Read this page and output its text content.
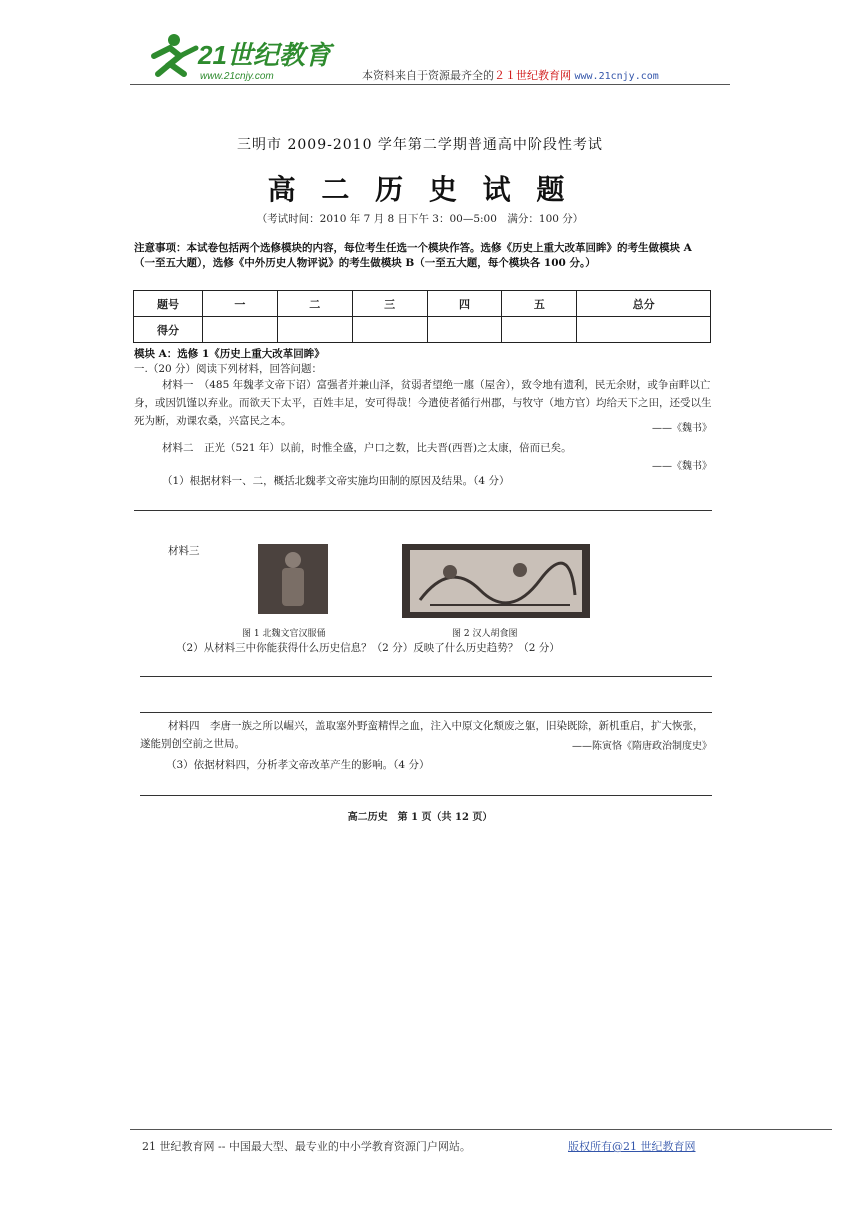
21世纪教育
www.21cnjy.com	本资料来自于资源最齐全的２１世纪教育网 www.21cnjy.com
三明市 2009-2010 学年第二学期普通高中阶段性考试
高 二 历 史 试 题
（考试时间：2010 年 7 月 8 日下午 3：00—5:00　满分：100 分）
注意事项：本试卷包括两个选修模块的内容，每位考生任选一个模块作答。选修《历史上重大改革回眸》的考生做模块 A（一至五大题），选修《中外历史人物评说》的考生做模块 B（一至五大题，每个模块各 100 分。）
题号	一	二	三	四	五	总分
得分						
模块 A：选修 1《历史上重大改革回眸》
一.（20 分）阅读下列材料，回答问题：
材料一　（485 年魏孝文帝下诏）富强者并兼山泽，贫弱者望绝一廛（屋舍），致令地有遗利，民无余财，或争亩畔以亡身，或因饥馑以弃业。而欲天下太平，百姓丰足，安可得哉！今遣使者循行州郡，与牧守（地方官）均给天下之田，还受以生死为断，劝课农桑，兴富民之本。
——《魏书》
材料二　正光（521 年）以前，时惟全盛，户口之数，比夫晋(西晋)之太康，倍而已矣。
——《魏书》
（1）根据材料一、二，概括北魏孝文帝实施均田制的原因及结果。（4 分）
材料三
图 1 北魏文官汉服俑	图 2 汉人胡食图
（2）从材料三中你能获得什么历史信息？（2 分）反映了什么历史趋势？（2 分）
材料四　李唐一族之所以崛兴，盖取塞外野蛮精悍之血，注入中原文化颓废之躯，旧染既除，新机重启，扩大恢张，遂能别创空前之世局。	——陈寅恪《隋唐政治制度史》
（3）依据材料四，分析孝文帝改革产生的影响。（4 分）
高二历史　第 1 页（共 12 页）
21 世纪教育网 -- 中国最大型、最专业的中小学教育资源门户网站。	版权所有@21 世纪教育网
